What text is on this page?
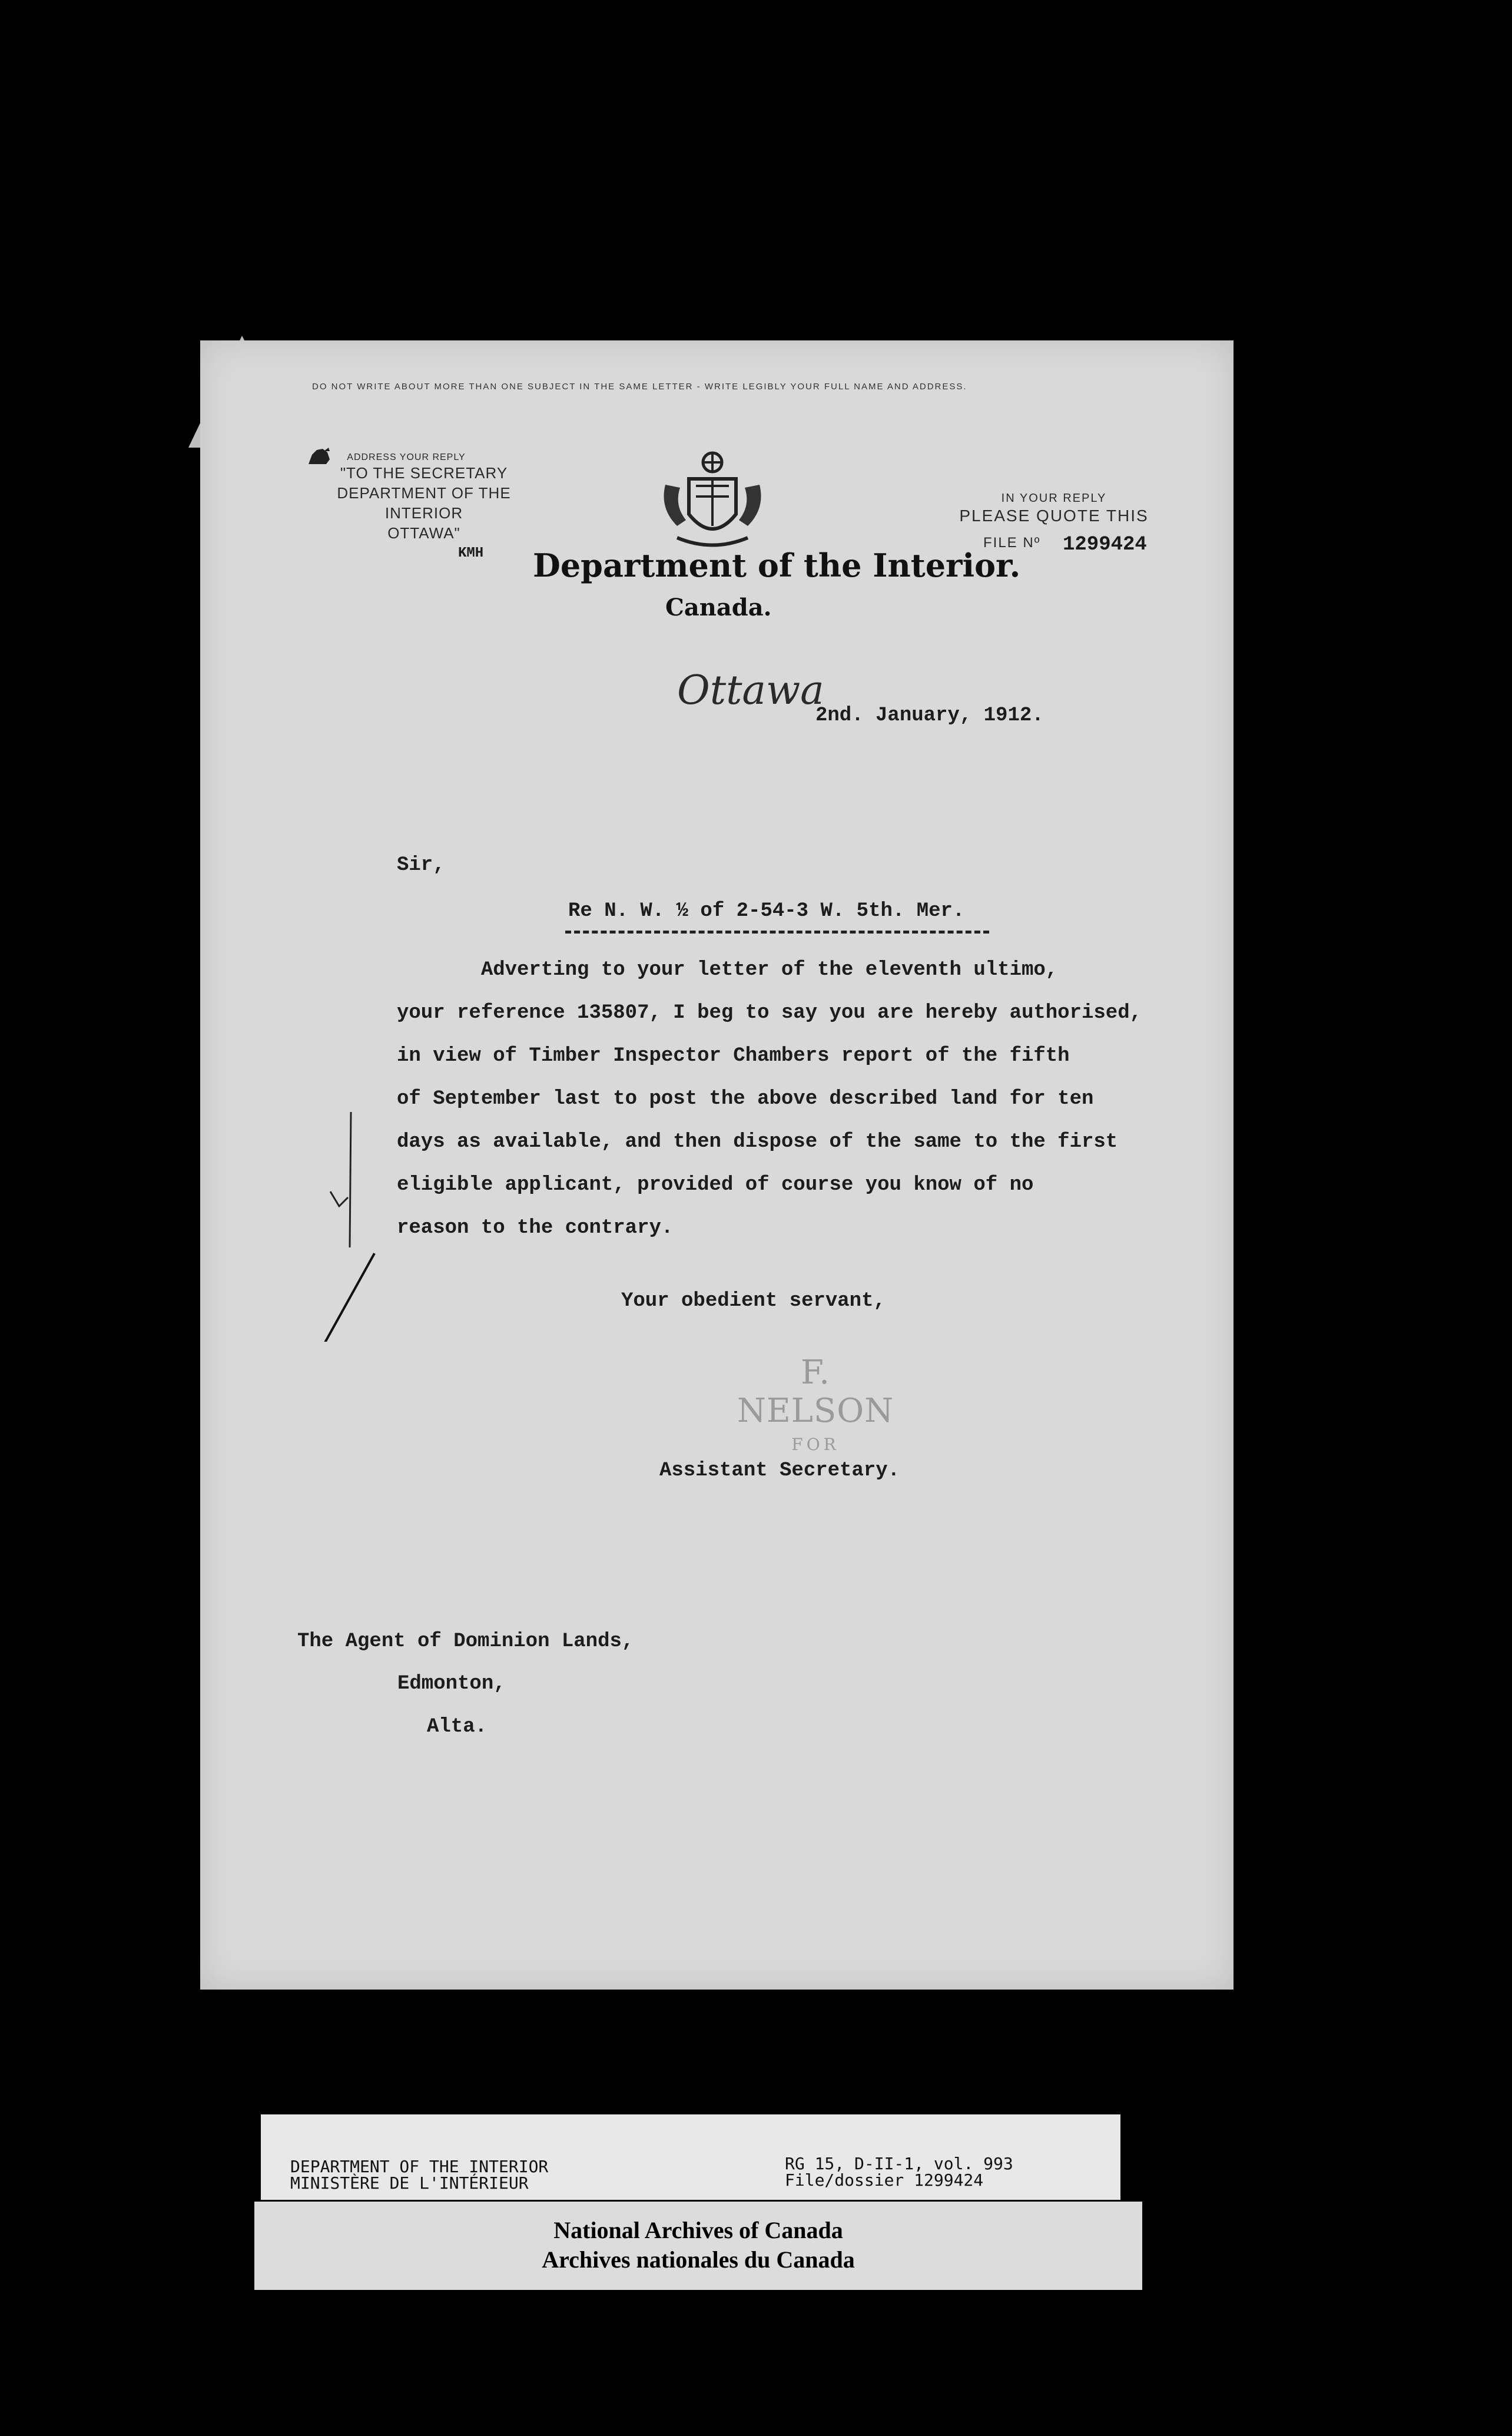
DO NOT WRITE ABOUT MORE THAN ONE SUBJECT IN THE SAME LETTER - WRITE LEGIBLY YOUR FULL NAME AND ADDRESS.
ADDRESS YOUR REPLY
"TO THE SECRETARY
DEPARTMENT OF THE INTERIOR
OTTAWA"
KMH Department of the Interior.
Canada.
IN YOUR REPLY
PLEASE QUOTE THIS
FILE Nº 1299424
Ottawa
2nd. January, 1912.
Sir,
Re N. W. ½ of 2-54-3 W. 5th. Mer.
Adverting to your letter of the eleventh ultimo,
your reference 135807, I beg to say you are hereby authorised,
in view of Timber Inspector Chambers report of the fifth
of September last to post the above described land for ten
days as available, and then dispose of the same to the first
eligible applicant, provided of course you know of no
reason to the contrary.
Your obedient servant,
F. NELSON
FOR
Assistant Secretary.
The Agent of Dominion Lands,
Edmonton,
Alta.
DEPARTMENT OF THE INTERIOR
MINISTÈRE DE L'INTÉRIEUR
RG 15, D-II-1, vol. 993
File/dossier 1299424
National Archives of Canada
Archives nationales du Canada
